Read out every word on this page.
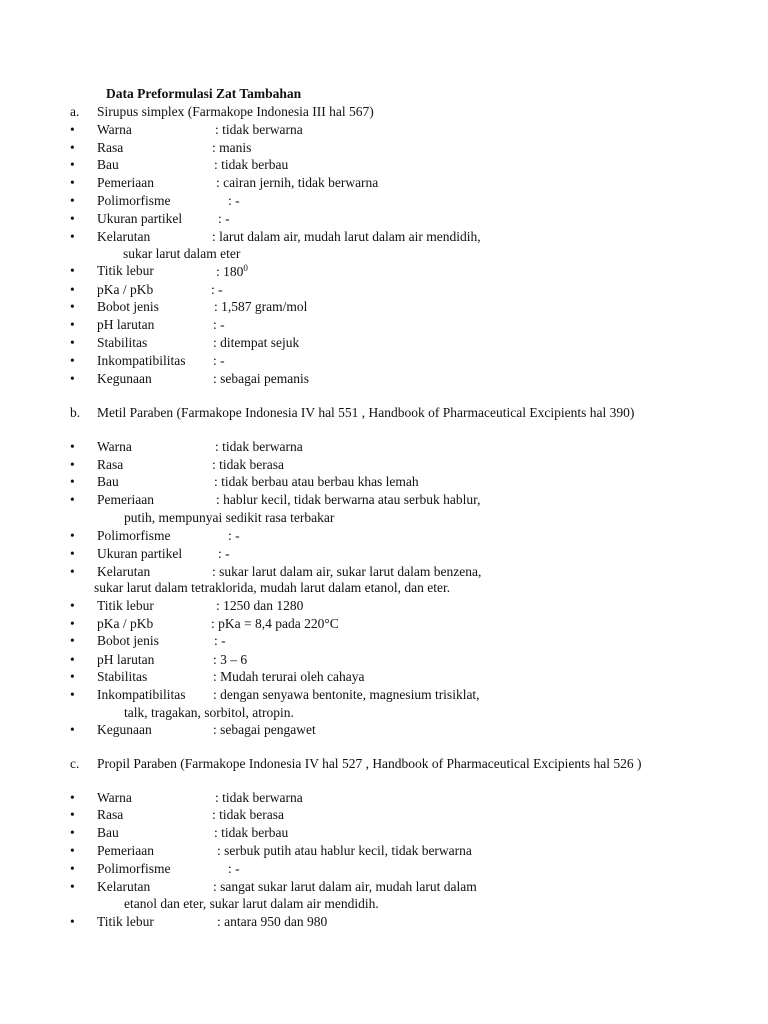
Data Preformulasi Zat Tambahan
a. Sirupus simplex (Farmakope Indonesia III hal 567)
• Warna	: tidak berwarna
• Rasa	: manis
• Bau	: tidak berbau
• Pemeriaan	: cairan jernih, tidak berwarna
• Polimorfisme	: -
• Ukuran partikel	: -
• Kelarutan	: larut dalam air, mudah larut dalam air mendidih,
sukar larut dalam eter
• Titik lebur	: $180^0$
• pKa / pKb	: -
• Bobot jenis	: 1,587 gram/mol
• pH larutan	: -
• Stabilitas	: ditempat sejuk
• Inkompatibilitas : -
• Kegunaan	: sebagai pemanis
b. Metil Paraben (Farmakope Indonesia IV hal 551 , Handbook of Pharmaceutical Excipients hal 390)
• Warna	: tidak berwarna
• Rasa	: tidak berasa
• Bau	: tidak berbau atau berbau khas lemah
• Pemeriaan	: hablur kecil, tidak berwarna atau serbuk hablur,
putih, mempunyai sedikit rasa terbakar
• Polimorfisme	: -
• Ukuran partikel	: -
• Kelarutan	: sukar larut dalam air, sukar larut dalam benzena,
sukar larut dalam tetraklorida, mudah larut dalam etanol, dan eter.
• Titik lebur	: 1250 dan 1280
• pKa / pKb	: pKa = 8,4 pada 220°C
• Bobot jenis	: -
• pH larutan	: 3 – 6
• Stabilitas	: Mudah terurai oleh cahaya
• Inkompatibilitas : dengan senyawa bentonite, magnesium trisiklat,
talk, tragakan, sorbitol, atropin.
• Kegunaan	: sebagai pengawet
c. Propil Paraben (Farmakope Indonesia IV hal 527 , Handbook of Pharmaceutical Excipients hal 526 )
• Warna	: tidak berwarna
• Rasa	: tidak berasa
• Bau	: tidak berbau
• Pemeriaan	: serbuk putih atau hablur kecil, tidak berwarna
• Polimorfisme	: -
• Kelarutan	: sangat sukar larut dalam air, mudah larut dalam
etanol dan eter, sukar larut dalam air mendidih.
• Titik lebur	: antara 950 dan 980
